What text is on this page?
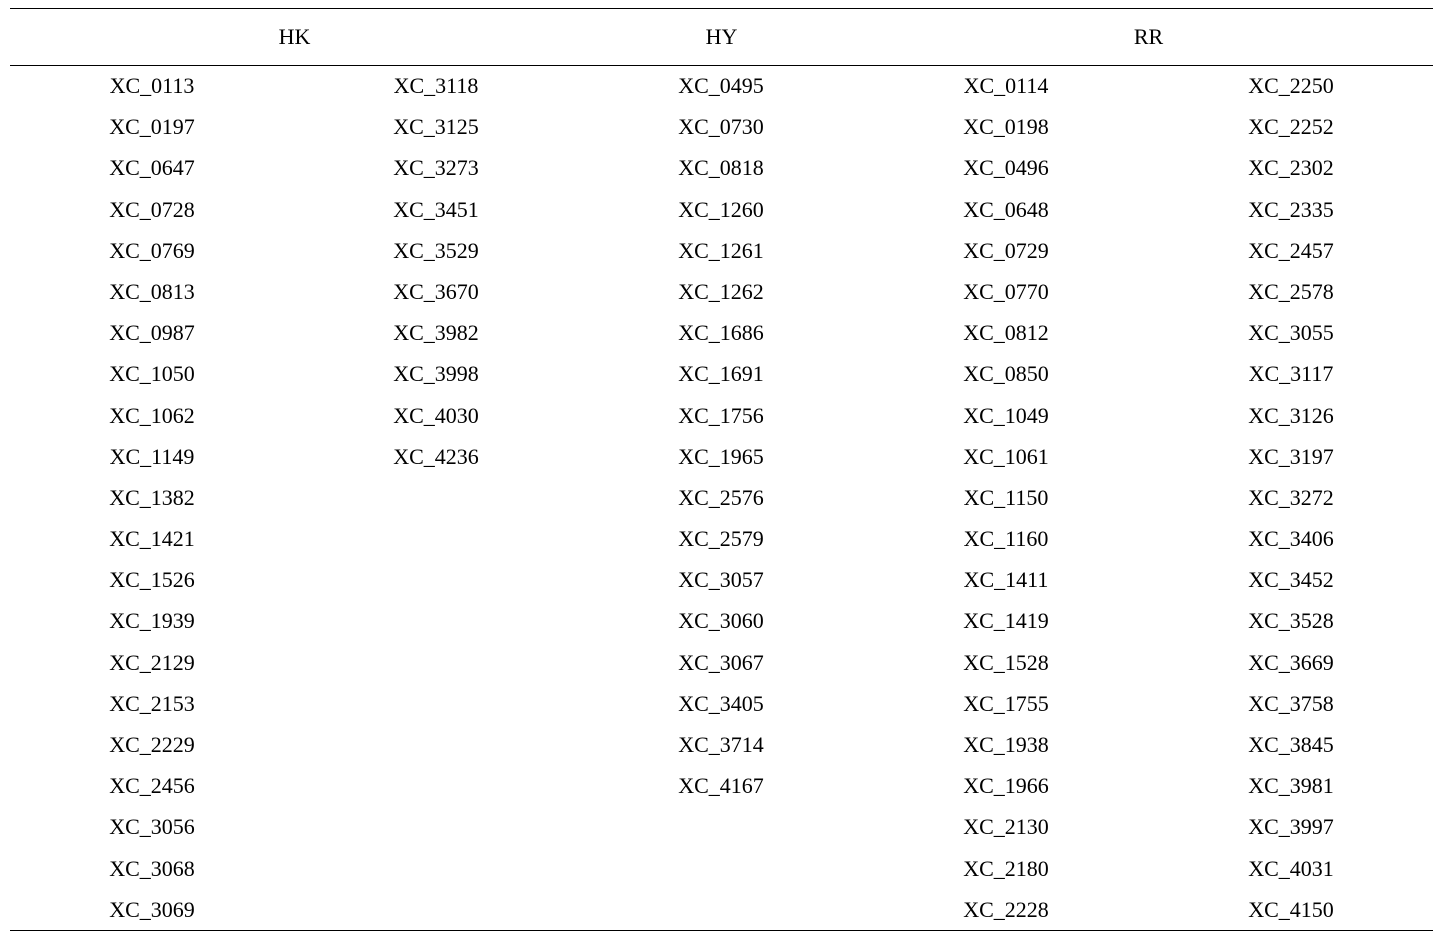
HK	HY	RR
XC_0113
XC_0197
XC_0647
XC_0728
XC_0769
XC_0813
XC_0987
XC_1050
XC_1062
XC_1149
XC_1382
XC_1421
XC_1526
XC_1939
XC_2129
XC_2153
XC_2229
XC_2456
XC_3056
XC_3068
XC_3069
XC_3118
XC_3125
XC_3273
XC_3451
XC_3529
XC_3670
XC_3982
XC_3998
XC_4030
XC_4236
XC_0495
XC_0730
XC_0818
XC_1260
XC_1261
XC_1262
XC_1686
XC_1691
XC_1756
XC_1965
XC_2576
XC_2579
XC_3057
XC_3060
XC_3067
XC_3405
XC_3714
XC_4167
XC_0114
XC_0198
XC_0496
XC_0648
XC_0729
XC_0770
XC_0812
XC_0850
XC_1049
XC_1061
XC_1150
XC_1160
XC_1411
XC_1419
XC_1528
XC_1755
XC_1938
XC_1966
XC_2130
XC_2180
XC_2228
XC_2250
XC_2252
XC_2302
XC_2335
XC_2457
XC_2578
XC_3055
XC_3117
XC_3126
XC_3197
XC_3272
XC_3406
XC_3452
XC_3528
XC_3669
XC_3758
XC_3845
XC_3981
XC_3997
XC_4031
XC_4150
